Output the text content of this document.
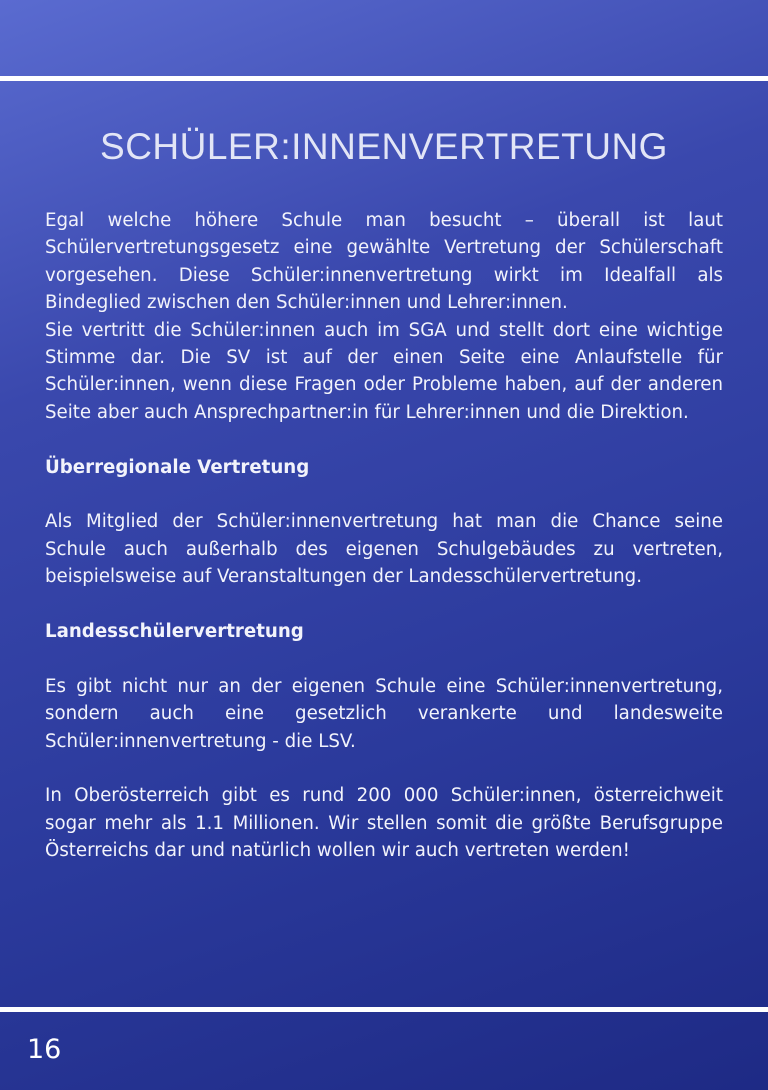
SCHÜLER:INNENVERTRETUNG

Egal welche höhere Schule man besucht – überall ist laut Schülervertretungsgesetz eine gewählte Vertretung der Schülerschaft vorgesehen. Diese Schüler:innenvertretung wirkt im Idealfall als Bindeglied zwischen den Schüler:innen und Lehrer:innen.

Sie vertritt die Schüler:innen auch im SGA und stellt dort eine wichtige Stimme dar. Die SV ist auf der einen Seite eine Anlaufstelle für Schüler:innen, wenn diese Fragen oder Probleme haben, auf der anderen Seite aber auch Ansprechpartner:in für Lehrer:innen und die Direktion.

Überregionale Vertretung

Als Mitglied der Schüler:innenvertretung hat man die Chance seine Schule auch außerhalb des eigenen Schulgebäudes zu vertreten, beispielsweise auf Veranstaltungen der Landesschülervertretung.

Landesschülervertretung

Es gibt nicht nur an der eigenen Schule eine Schüler:innenvertretung, sondern auch eine gesetzlich verankerte und landesweite Schüler:innenvertretung - die LSV.

In Oberösterreich gibt es rund 200 000 Schüler:innen, österreichweit sogar mehr als 1.1 Millionen. Wir stellen somit die größte Berufsgruppe Österreichs dar und natürlich wollen wir auch vertreten werden!

16
